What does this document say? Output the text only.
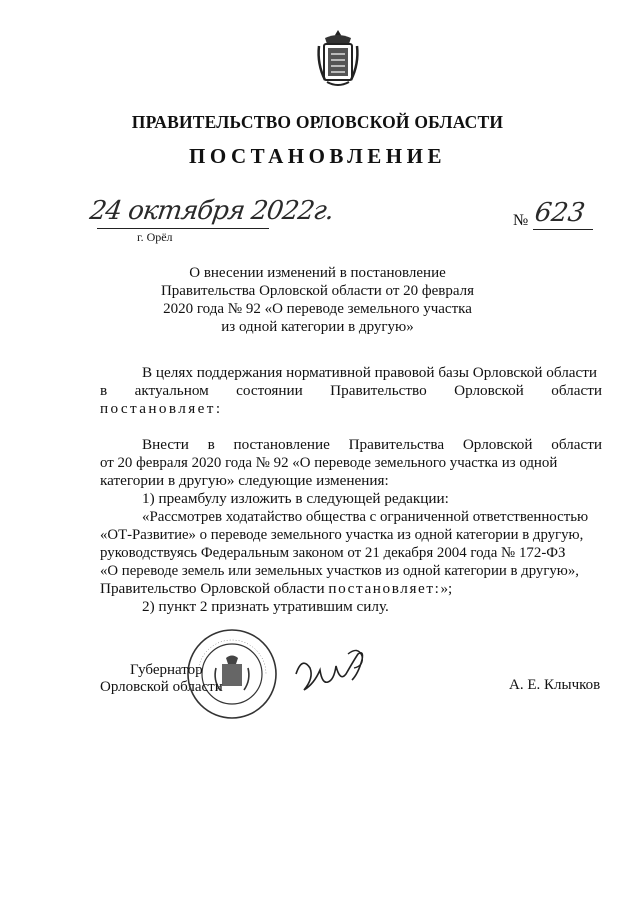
ПРАВИТЕЛЬСТВО ОРЛОВСКОЙ ОБЛАСТИ
ПОСТАНОВЛЕНИЕ
24 октября 2022г.
г. Орёл
№ 623
О внесении изменений в постановление
Правительства Орловской области от 20 февраля
2020 года № 92 «О переводе земельного участка
из одной категории в другую»
В целях поддержания нормативной правовой базы Орловской области
в актуальном состоянии Правительство Орловской области
постановляет:
Внести в постановление Правительства Орловской области
от 20 февраля 2020 года № 92 «О переводе земельного участка из одной
категории в другую» следующие изменения:
1) преамбулу изложить в следующей редакции:
«Рассмотрев ходатайство общества с ограниченной ответственностью
«ОТ-Развитие» о переводе земельного участка из одной категории в другую,
руководствуясь Федеральным законом от 21 декабря 2004 года № 172-ФЗ
«О переводе земель или земельных участков из одной категории в другую»,
Правительство Орловской области постановляет:»;
2) пункт 2 признать утратившим силу.
Губернатор
Орловской области	А. Е. Клычков
